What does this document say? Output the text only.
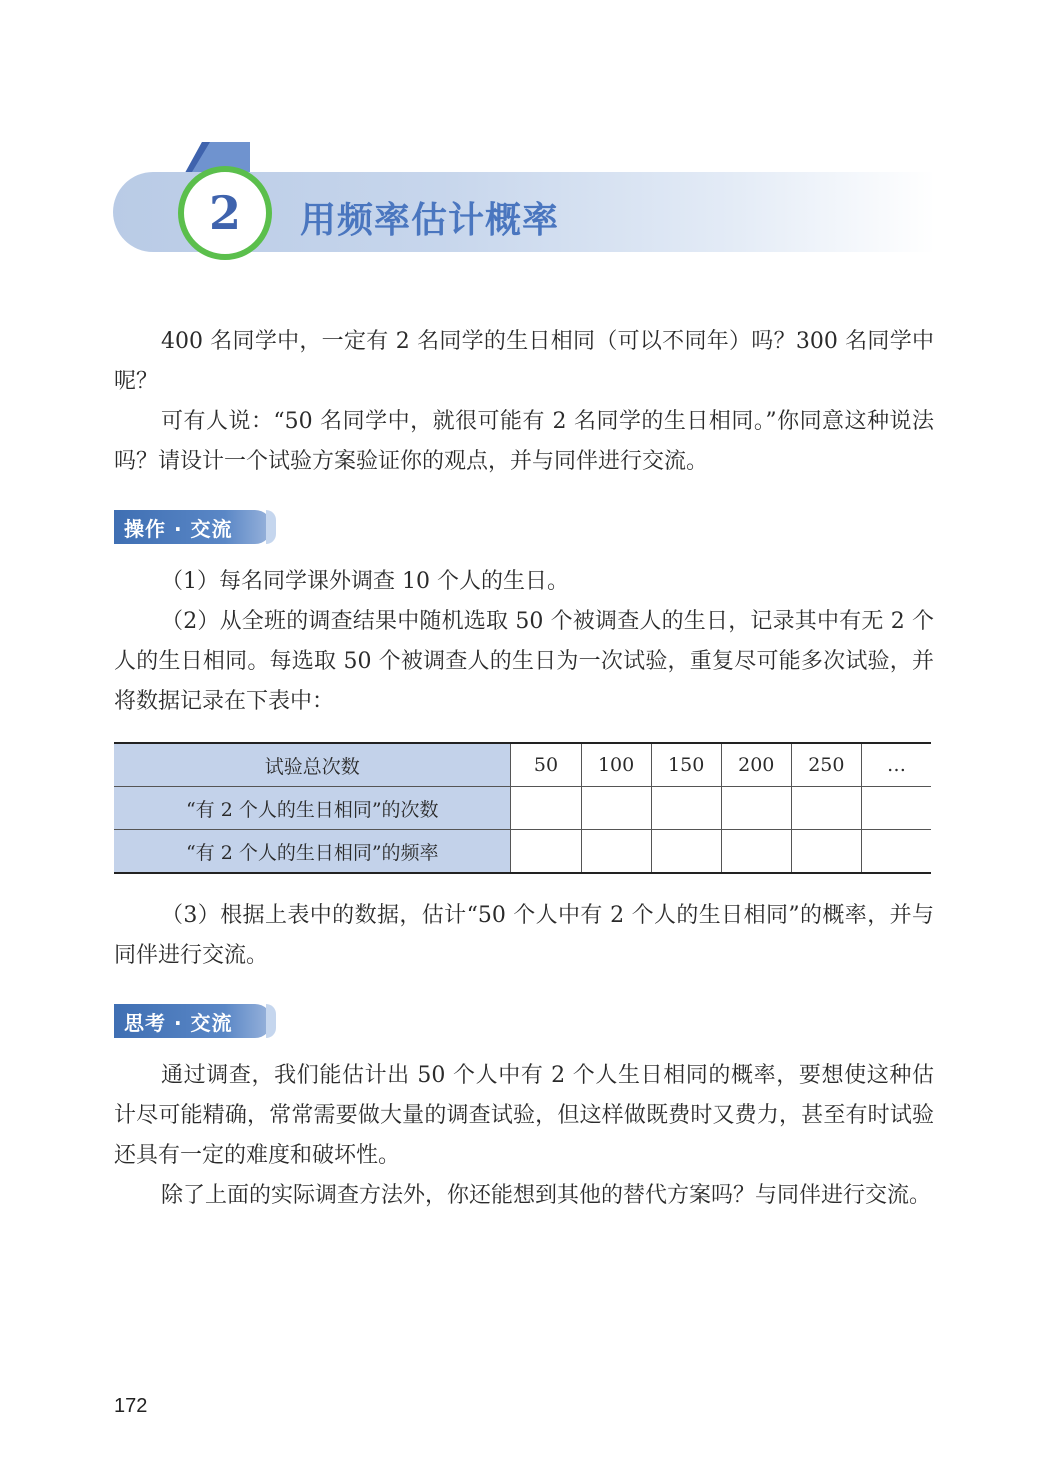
2 用频率估计概率

400 名同学中，一定有 2 名同学的生日相同（可以不同年）吗？300 名同学中呢？

可有人说：“50 名同学中，就很可能有 2 名同学的生日相同。”你同意这种说法吗？请设计一个试验方案验证你的观点，并与同伴进行交流。

操作 · 交流

（1）每名同学课外调查 10 个人的生日。

（2）从全班的调查结果中随机选取 50 个被调查人的生日，记录其中有无 2 个人的生日相同。每选取 50 个被调查人的生日为一次试验，重复尽可能多次试验，并将数据记录在下表中：

试验总次数	50	100	150	200	250	…
“有 2 个人的生日相同”的次数						
“有 2 个人的生日相同”的频率						

（3）根据上表中的数据，估计“50 个人中有 2 个人的生日相同”的概率，并与同伴进行交流。

思考 · 交流

通过调查，我们能估计出 50 个人中有 2 个人生日相同的概率，要想使这种估计尽可能精确，常常需要做大量的调查试验，但这样做既费时又费力，甚至有时试验还具有一定的难度和破坏性。

除了上面的实际调查方法外，你还能想到其他的替代方案吗？与同伴进行交流。

172
